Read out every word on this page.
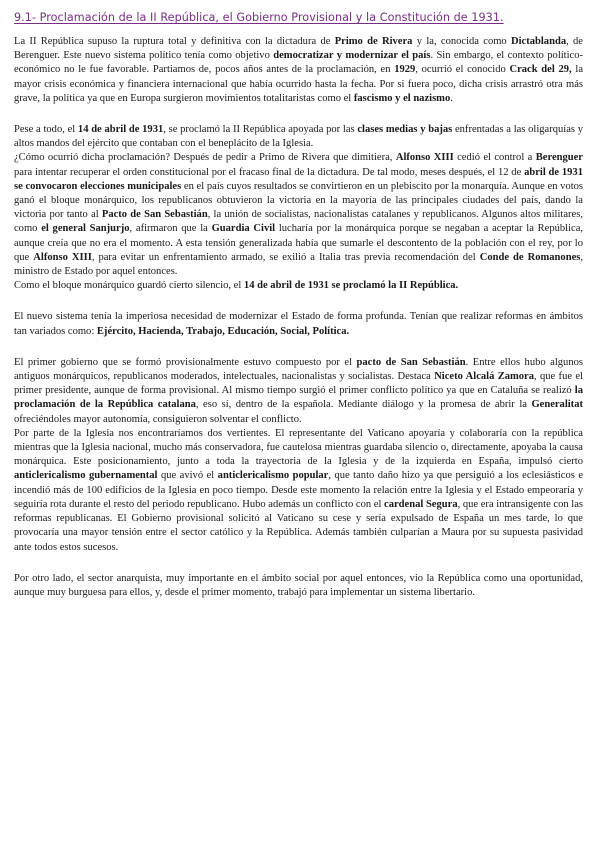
9.1- Proclamación de la II República, el Gobierno Provisional y la Constitución de 1931.

La II República supuso la ruptura total y definitiva con la dictadura de Primo de Rivera y la, conocida como Dictablanda, de Berenguer. Este nuevo sistema político tenía como objetivo democratizar y modernizar el país. Sin embargo, el contexto político-económico no le fue favorable. Partiamos de, pocos años antes de la proclamación, en 1929, ocurrió el conocido Crack del 29, la mayor crisis económica y financiera internacional que había ocurrido hasta la fecha. Por si fuera poco, dicha crisis arrastró otra más grave, la política ya que en Europa surgieron movimientos totalitaristas como el fascismo y el nazismo.

Pese a todo, el 14 de abril de 1931, se proclamó la II República apoyada por las clases medias y bajas enfrentadas a las oligarquías y altos mandos del ejército que contaban con el beneplácito de la Iglesia.

¿Cómo ocurrió dicha proclamación? Después de pedir a Primo de Rivera que dimitiera, Alfonso XIII cedió el control a Berenguer para intentar recuperar el orden constitucional por el fracaso final de la dictadura. De tal modo, meses después, el 12 de abril de 1931 se convocaron elecciones municipales en el país cuyos resultados se convirtieron en un plebiscito por la monarquía. Aunque en votos ganó el bloque monárquico, los republicanos obtuvieron la victoria en la mayoría de las principales ciudades del país, dando la victoria por tanto al Pacto de San Sebastián, la unión de socialistas, nacionalistas catalanes y republicanos. Algunos altos militares, como el general Sanjurjo, afirmaron que la Guardia Civil lucharía por la monárquica porque se negaban a aceptar la República, aunque creía que no era el momento. A esta tensión generalizada había que sumarle el descontento de la población con el rey, por lo que Alfonso XIII, para evitar un enfrentamiento armado, se exilió a Italia tras previa recomendación del Conde de Romanones, ministro de Estado por aquel entonces.

Como el bloque monárquico guardó cierto silencio, el 14 de abril de 1931 se proclamó la II República.

El nuevo sistema tenía la imperiosa necesidad de modernizar el Estado de forma profunda. Tenían que realizar reformas en ámbitos tan variados como: Ejército, Hacienda, Trabajo, Educación, Social, Política.

El primer gobierno que se formó provisionalmente estuvo compuesto por el pacto de San Sebastián. Entre ellos hubo algunos antiguos monárquicos, republicanos moderados, intelectuales, nacionalistas y socialistas. Destaca Niceto Alcalá Zamora, que fue el primer presidente, aunque de forma provisional. Al mismo tiempo surgió el primer conflicto político ya que en Cataluña se realizó la proclamación de la República catalana, eso sí, dentro de la española. Mediante diálogo y la promesa de abrir la Generalitat ofreciéndoles mayor autonomía, consiguieron solventar el conflicto.

Por parte de la Iglesia nos encontraríamos dos vertientes. El representante del Vaticano apoyaría y colaboraría con la república mientras que la Iglesia nacional, mucho más conservadora, fue cautelosa mientras guardaba silencio o, directamente, apoyaba la causa monárquica. Este posicionamiento, junto a toda la trayectoria de la Iglesia y de la izquierda en España, impulsó cierto anticlericalismo gubernamental que avivó el anticlericalismo popular, que tanto daño hizo ya que persiguió a los eclesiásticos e incendió más de 100 edificios de la Iglesia en poco tiempo. Desde este momento la relación entre la Iglesia y el Estado empeoraría y seguiría rota durante el resto del periodo republicano. Hubo además un conflicto con el cardenal Segura, que era intransigente con las reformas republicanas. El Gobierno provisional solicitó al Vaticano su cese y sería expulsado de España un mes tarde, lo que provocaría una mayor tensión entre el sector católico y la República. Además también culparían a Maura por su supuesta pasividad ante todos estos sucesos.

Por otro lado, el sector anarquista, muy importante en el ámbito social por aquel entonces, vio la República como una oportunidad, aunque muy burguesa para ellos, y, desde el primer momento, trabajó para implementar un sistema libertario.
